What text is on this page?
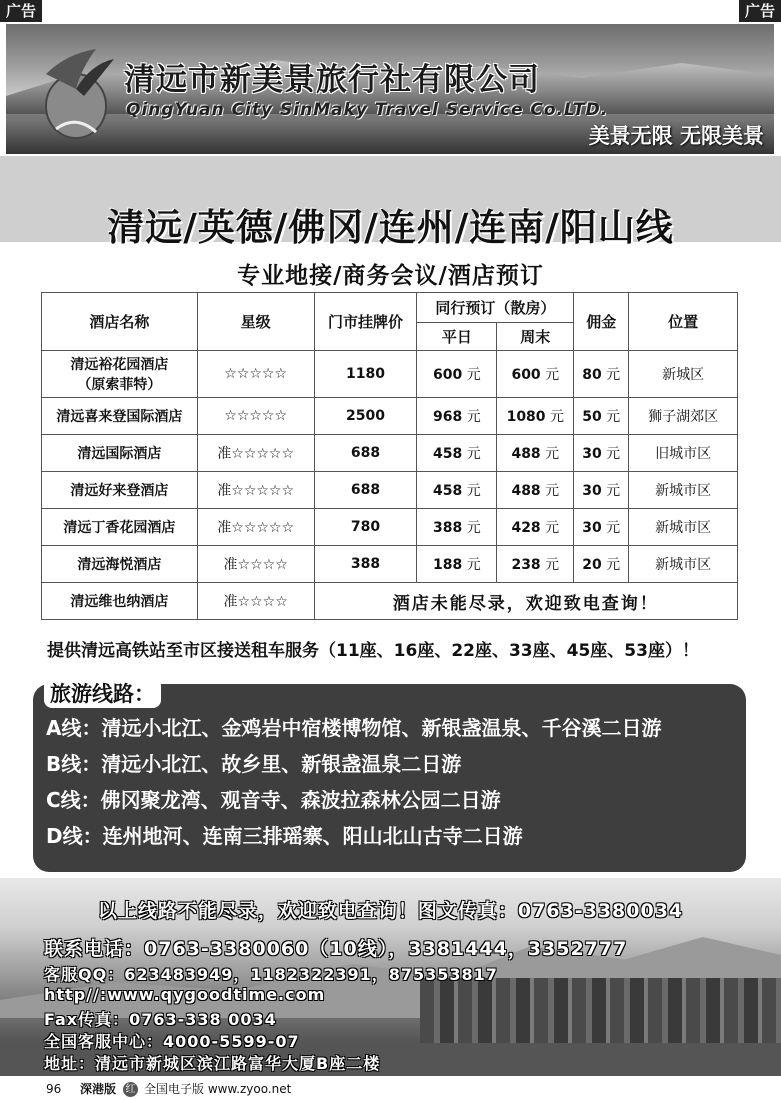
广告	广告
清远市新美景旅行社有限公司
QingYuan City SinMaky Travel Service Co.LTD.
美景无限 无限美景
清远/英德/佛冈/连州/连南/阳山线
专业地接/商务会议/酒店预订
酒店名称	星级	门市挂牌价	同行预订（散房）		佣金	位置
			平日	周末		

清远裕花园酒店
（原索菲特）	☆☆☆☆☆	1180	600 元	600 元	80 元	新城区
清远喜来登国际酒店	☆☆☆☆☆	2500	968 元	1080 元	50 元	狮子湖郊区
清远国际酒店	准☆☆☆☆☆	688	458 元	488 元	30 元	旧城市区
清远好来登酒店	准☆☆☆☆☆	688	458 元	488 元	30 元	新城市区
清远丁香花园酒店	准☆☆☆☆☆	780	388 元	428 元	30 元	新城市区
清远海悦酒店	准☆☆☆☆	388	188 元	238 元	20 元	新城市区
清远维也纳酒店	准☆☆☆☆	酒店未能尽录，欢迎致电查询！				
提供清远高铁站至市区接送租车服务（11座、16座、22座、33座、45座、53座）！
旅游线路：
A线：清远小北江、金鸡岩中宿楼博物馆、新银盏温泉、千谷溪二日游
B线：清远小北江、故乡里、新银盏温泉二日游
C线：佛冈聚龙湾、观音寺、森波拉森林公园二日游
D线：连州地河、连南三排瑶寨、阳山北山古寺二日游
以上线路不能尽录，欢迎致电查询！图文传真：0763-3380034
联系电话：0763-3380060（10线），3381444，3352777
客服QQ：623483949，1182322391，875353817
http//:www.qygoodtime.com
Fax传真：0763-338 0034
全国客服中心：4000-5599-07
地址：清远市新城区滨江路富华大厦B座二楼
96 深港版 红 全国电子版 www.zyoo.net
